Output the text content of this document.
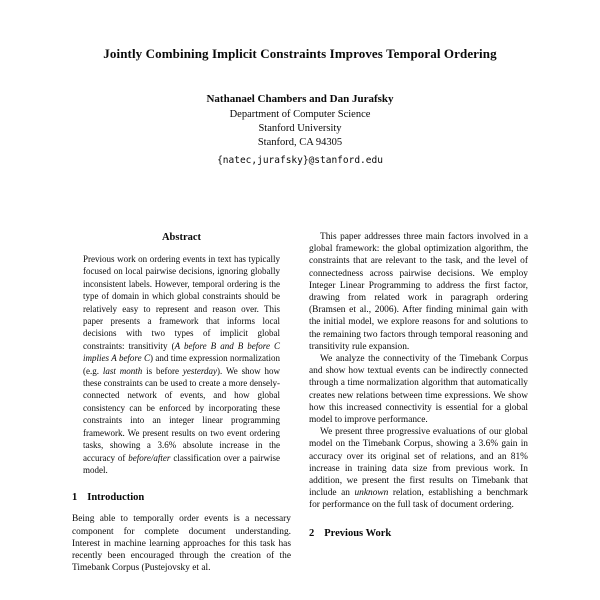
Jointly Combining Implicit Constraints Improves Temporal Ordering
Nathanael Chambers and Dan Jurafsky
Department of Computer Science
Stanford University
Stanford, CA 94305
{natec,jurafsky}@stanford.edu
Abstract

Previous work on ordering events in text has typically focused on local pairwise decisions, ignoring globally inconsistent labels. However, temporal ordering is the type of domain in which global constraints should be relatively easy to represent and reason over. This paper presents a framework that informs local decisions with two types of implicit global constraints: transitivity (A before B and B before C implies A before C) and time expression normalization (e.g. last month is before yesterday). We show how these constraints can be used to create a more densely-connected network of events, and how global consistency can be enforced by incorporating these constraints into an integer linear programming framework. We present results on two event ordering tasks, showing a 3.6% absolute increase in the accuracy of before/after classification over a pairwise model.

1 Introduction

Being able to temporally order events is a necessary component for complete document understanding. Interest in machine learning approaches for this task has recently been encouraged through the creation of the Timebank Corpus (Pustejovsky et al.

This paper addresses three main factors involved in a global framework: the global optimization algorithm, the constraints that are relevant to the task, and the level of connectedness across pairwise decisions. We employ Integer Linear Programming to address the first factor, drawing from related work in paragraph ordering (Bramsen et al., 2006). After finding minimal gain with the initial model, we explore reasons for and solutions to the remaining two factors through temporal reasoning and transitivity rule expansion.

We analyze the connectivity of the Timebank Corpus and show how textual events can be indirectly connected through a time normalization algorithm that automatically creates new relations between time expressions. We show how this increased connectivity is essential for a global model to improve performance.

We present three progressive evaluations of our global model on the Timebank Corpus, showing a 3.6% gain in accuracy over its original set of relations, and an 81% increase in training data size from previous work. In addition, we present the first results on Timebank that include an unknown relation, establishing a benchmark for performance on the full task of document ordering.

2 Previous Work
